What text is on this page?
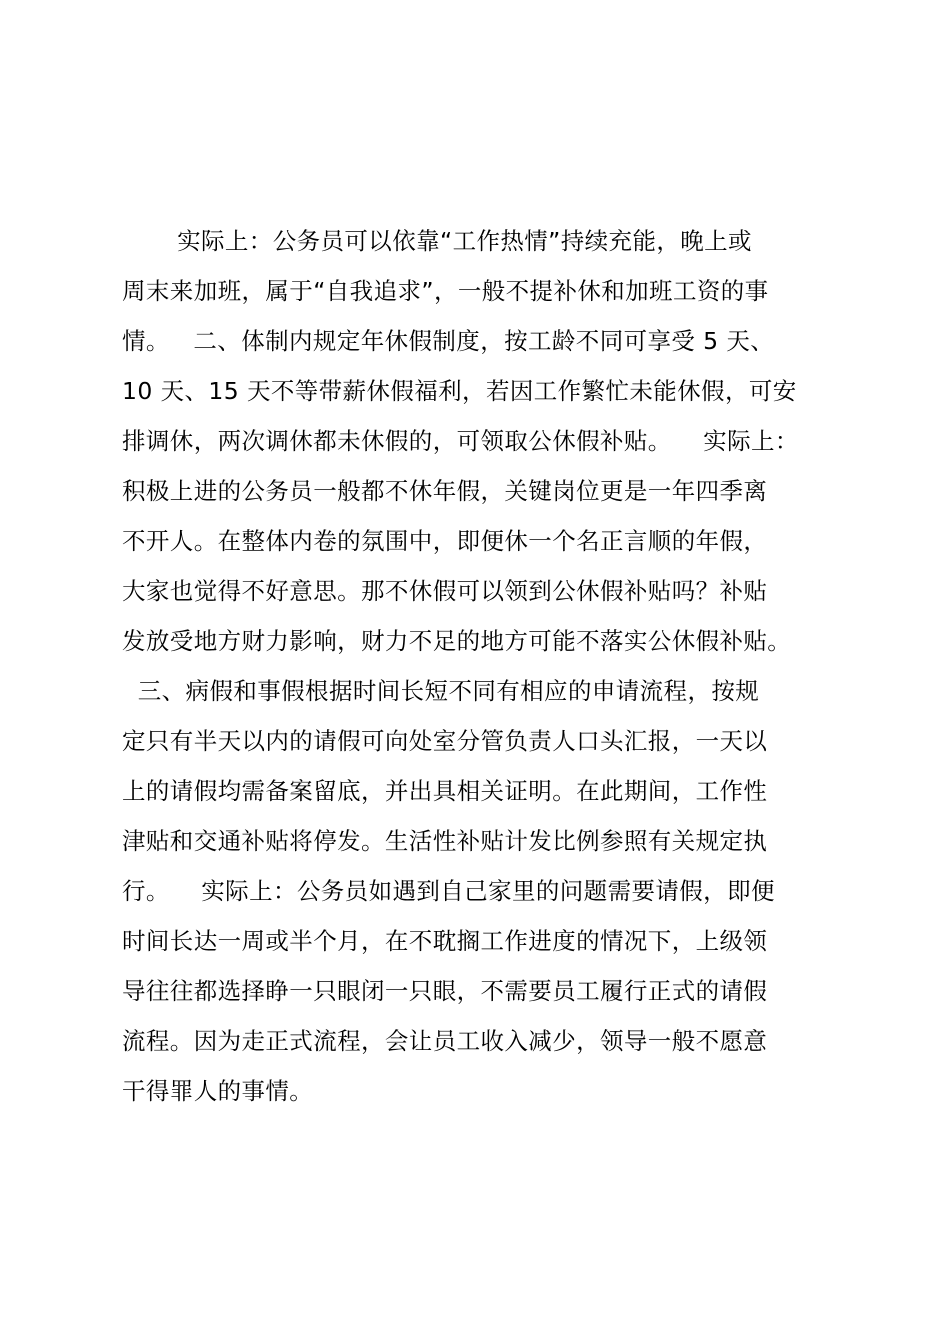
实际上：公务员可以依靠“工作热情”持续充能，晚上或
周末来加班，属于“自我追求”，一般不提补休和加班工资的事
情。   二、体制内规定年休假制度，按工龄不同可享受 5 天、
10 天、15 天不等带薪休假福利，若因工作繁忙未能休假，可安
排调休，两次调休都未休假的，可领取公休假补贴。    实际上：
积极上进的公务员一般都不休年假，关键岗位更是一年四季离
不开人。在整体内卷的氛围中，即便休一个名正言顺的年假，
大家也觉得不好意思。那不休假可以领到公休假补贴吗？补贴
发放受地方财力影响，财力不足的地方可能不落实公休假补贴。
三、病假和事假根据时间长短不同有相应的申请流程，按规
定只有半天以内的请假可向处室分管负责人口头汇报，一天以
上的请假均需备案留底，并出具相关证明。在此期间，工作性
津贴和交通补贴将停发。生活性补贴计发比例参照有关规定执
行。    实际上：公务员如遇到自己家里的问题需要请假，即便
时间长达一周或半个月，在不耽搁工作进度的情况下，上级领
导往往都选择睁一只眼闭一只眼，不需要员工履行正式的请假
流程。因为走正式流程，会让员工收入减少，领导一般不愿意
干得罪人的事情。
